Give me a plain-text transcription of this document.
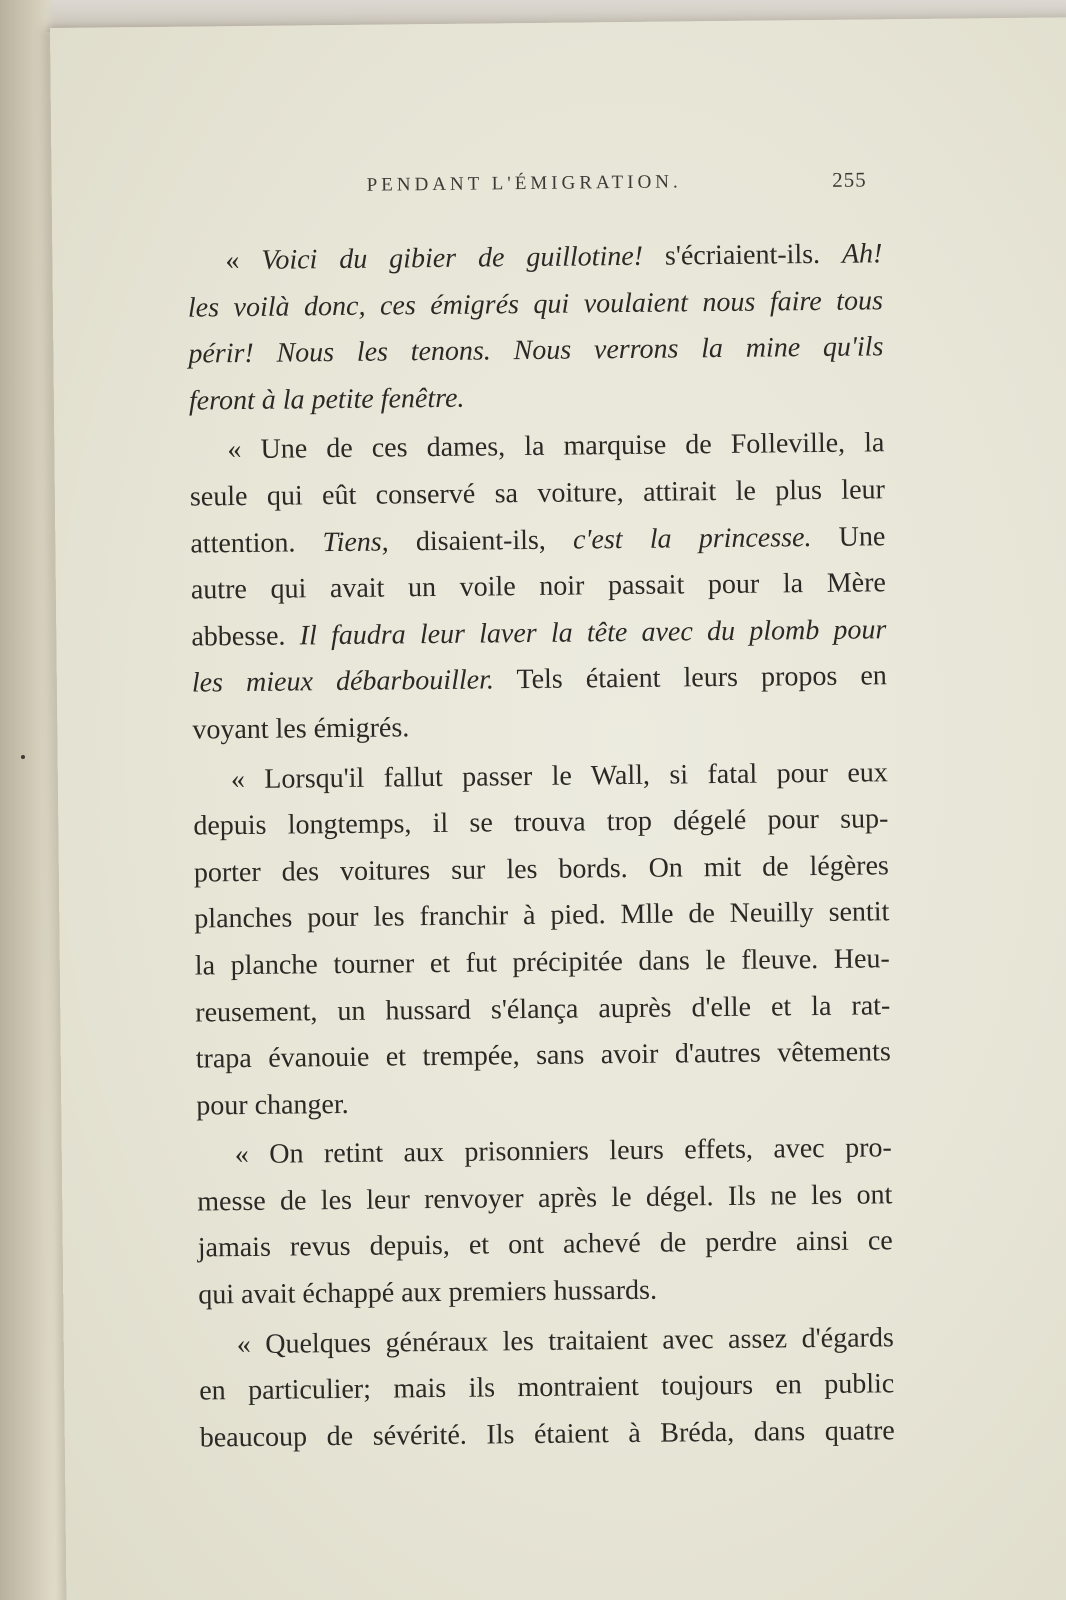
PENDANT L'ÉMIGRATION.	255
« Voici du gibier de guillotine! s'écriaient-ils. Ah!
les voilà donc, ces émigrés qui voulaient nous faire tous
périr! Nous les tenons. Nous verrons la mine qu'ils
feront à la petite fenêtre.
« Une de ces dames, la marquise de Folleville, la
seule qui eût conservé sa voiture, attirait le plus leur
attention. Tiens, disaient-ils, c'est la princesse. Une
autre qui avait un voile noir passait pour la Mère
abbesse. Il faudra leur laver la tête avec du plomb pour
les mieux débarbouiller. Tels étaient leurs propos en
voyant les émigrés.
« Lorsqu'il fallut passer le Wall, si fatal pour eux
depuis longtemps, il se trouva trop dégelé pour sup-
porter des voitures sur les bords. On mit de légères
planches pour les franchir à pied. Mlle de Neuilly sentit
la planche tourner et fut précipitée dans le fleuve. Heu-
reusement, un hussard s'élança auprès d'elle et la rat-
trapa évanouie et trempée, sans avoir d'autres vêtements
pour changer.
« On retint aux prisonniers leurs effets, avec pro-
messe de les leur renvoyer après le dégel. Ils ne les ont
jamais revus depuis, et ont achevé de perdre ainsi ce
qui avait échappé aux premiers hussards.
« Quelques généraux les traitaient avec assez d'égards
en particulier; mais ils montraient toujours en public
beaucoup de sévérité. Ils étaient à Bréda, dans quatre
